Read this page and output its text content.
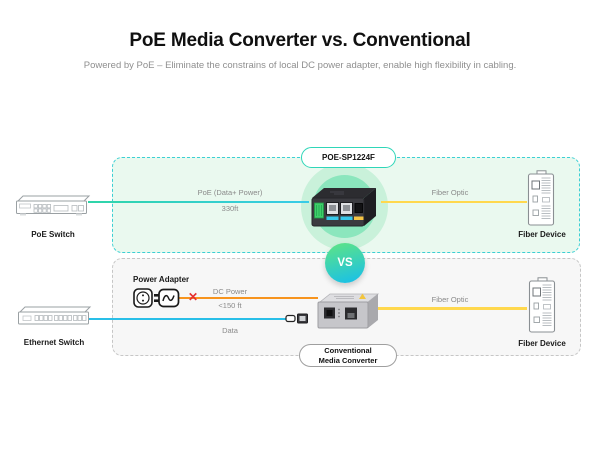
PoE Media Converter vs. Conventional
Powered by PoE – Eliminate the constrains of local DC power adapter, enable high flexibility in cabling.
POE-SP1224F
PoE (Data+ Power)
330ft
Fiber Optic
PoE Switch	Fiber Device
VS
Power Adapter
✕	DC Power
<150 ft
Data
Fiber Optic
Ethernet Switch	Fiber Device
Conventional
Media Converter
